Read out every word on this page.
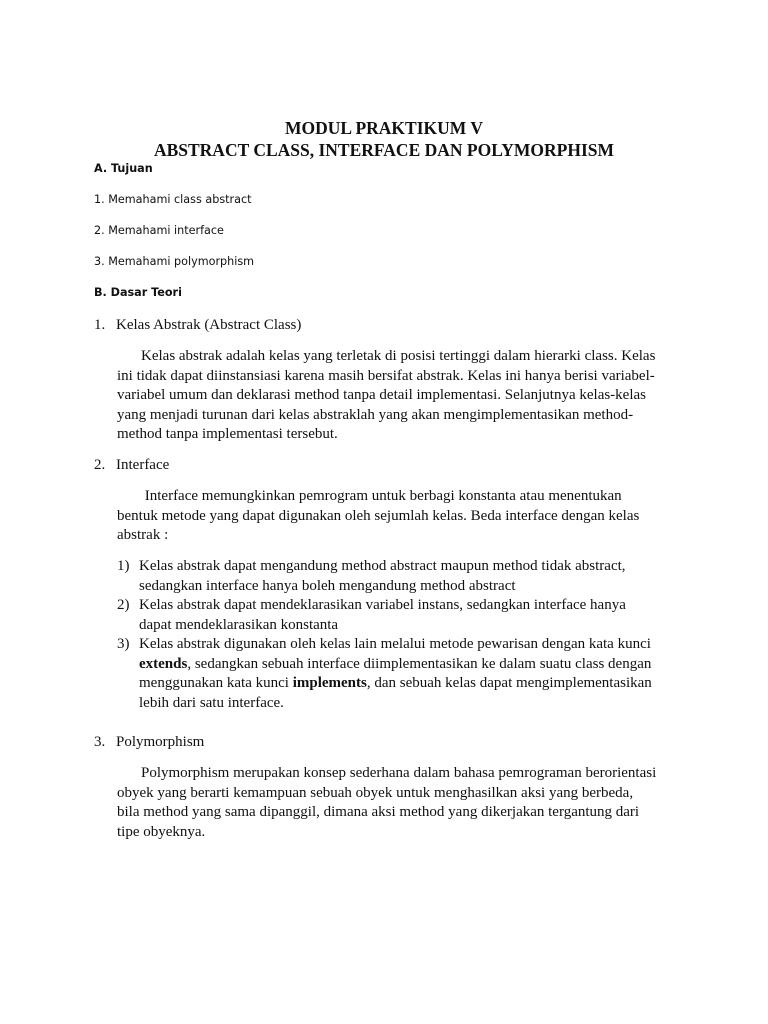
MODUL PRAKTIKUM V
ABSTRACT CLASS, INTERFACE DAN POLYMORPHISM
A. Tujuan
1. Memahami class abstract
2. Memahami interface
3. Memahami polymorphism
B. Dasar Teori
1. Kelas Abstrak (Abstract Class)
Kelas abstrak adalah kelas yang terletak di posisi tertinggi dalam hierarki class. Kelas
ini tidak dapat diinstansiasi karena masih bersifat abstrak. Kelas ini hanya berisi variabel-
variabel umum dan deklarasi method tanpa detail implementasi. Selanjutnya kelas-kelas
yang menjadi turunan dari kelas abstraklah yang akan mengimplementasikan method-
method tanpa implementasi tersebut.
2. Interface
Interface memungkinkan pemrogram untuk berbagi konstanta atau menentukan
bentuk metode yang dapat digunakan oleh sejumlah kelas. Beda interface dengan kelas
abstrak :
1) Kelas abstrak dapat mengandung method abstract maupun method tidak abstract,
sedangkan interface hanya boleh mengandung method abstract
2) Kelas abstrak dapat mendeklarasikan variabel instans, sedangkan interface hanya
dapat mendeklarasikan konstanta
3) Kelas abstrak digunakan oleh kelas lain melalui metode pewarisan dengan kata kunci
extends, sedangkan sebuah interface diimplementasikan ke dalam suatu class dengan
menggunakan kata kunci implements, dan sebuah kelas dapat mengimplementasikan
lebih dari satu interface.
3. Polymorphism
Polymorphism merupakan konsep sederhana dalam bahasa pemrograman berorientasi
obyek yang berarti kemampuan sebuah obyek untuk menghasilkan aksi yang berbeda,
bila method yang sama dipanggil, dimana aksi method yang dikerjakan tergantung dari
tipe obyeknya.
